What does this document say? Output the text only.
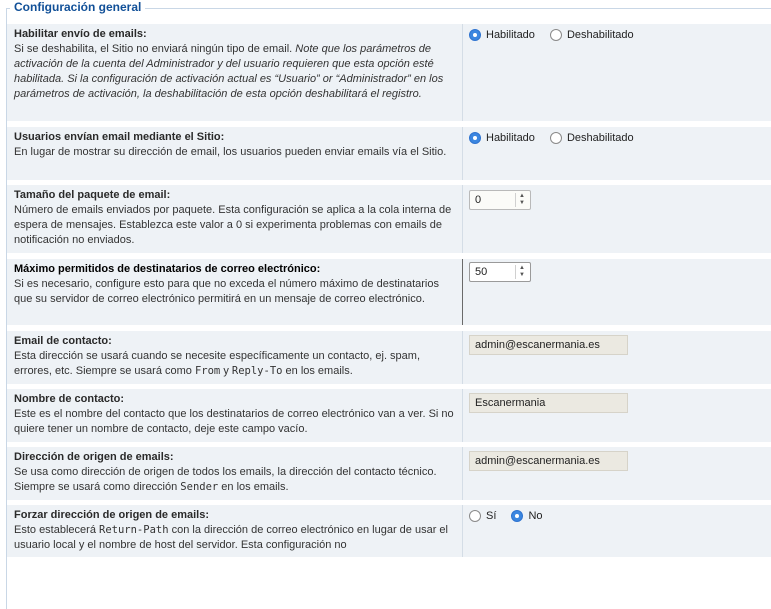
Configuración general
Habilitar envío de emails:
Si se deshabilita, el Sitio no enviará ningún tipo de email. Note que los parámetros de activación de la cuenta del Administrador y del usuario requieren que esta opción esté habilitada. Si la configuración de activación actual es “Usuario” or “Administrador” en los parámetros de activación, la deshabilitación de esta opción deshabilitará el registro.
Habilitado
	Deshabilitado
Usuarios envían email mediante el Sitio:
En lugar de mostrar su dirección de email, los usuarios pueden enviar emails vía el Sitio.
Habilitado
	Deshabilitado
Tamaño del paquete de email:
Número de emails enviados por paquete. Esta configuración se aplica a la cola interna de espera de mensajes. Establezca este valor a 0 si experimenta problemas con emails de notificación no enviados.
0	▲
▼
Máximo permitidos de destinatarios de correo electrónico:
Si es necesario, configure esto para que no exceda el número máximo de destinatarios que su servidor de correo electrónico permitirá en un mensaje de correo electrónico.
50	▲
▼
Email de contacto:
Esta dirección se usará cuando se necesite específicamente un contacto, ej. spam, errores, etc. Siempre se usará como From y Reply-To en los emails.
admin@escanermania.es
Nombre de contacto:
Este es el nombre del contacto que los destinatarios de correo electrónico van a ver. Si no quiere tener un nombre de contacto, deje este campo vacío.
Escanermania
Dirección de origen de emails:
Se usa como dirección de origen de todos los emails, la dirección del contacto técnico. Siempre se usará como dirección Sender en los emails.
admin@escanermania.es
Forzar dirección de origen de emails:
Esto establecerá Return-Path con la dirección de correo electrónico en lugar de usar el usuario local y el nombre de host del servidor. Esta configuración no
Sí
	No
